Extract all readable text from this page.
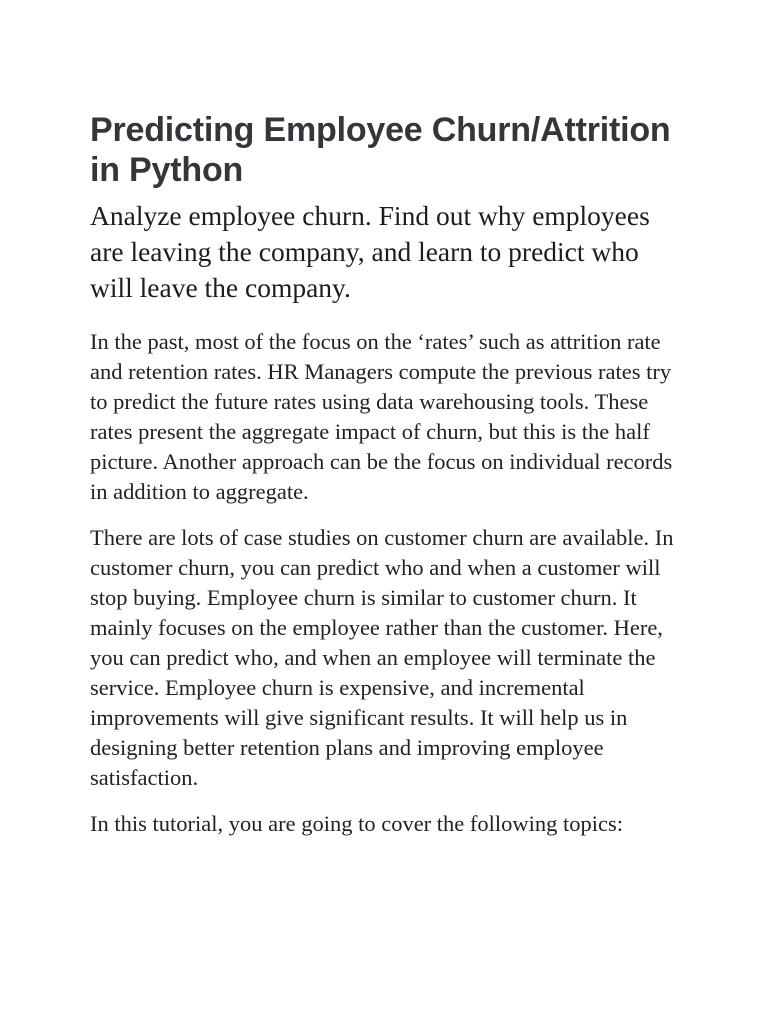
Predicting Employee Churn/Attrition in Python
Analyze employee churn. Find out why employees are leaving the company, and learn to predict who will leave the company.

In the past, most of the focus on the ‘rates’ such as attrition rate and retention rates. HR Managers compute the previous rates try to predict the future rates using data warehousing tools. These rates present the aggregate impact of churn, but this is the half picture. Another approach can be the focus on individual records in addition to aggregate.

There are lots of case studies on customer churn are available. In customer churn, you can predict who and when a customer will stop buying. Employee churn is similar to customer churn. It mainly focuses on the employee rather than the customer. Here, you can predict who, and when an employee will terminate the service. Employee churn is expensive, and incremental improvements will give significant results. It will help us in designing better retention plans and improving employee satisfaction.

In this tutorial, you are going to cover the following topics:
